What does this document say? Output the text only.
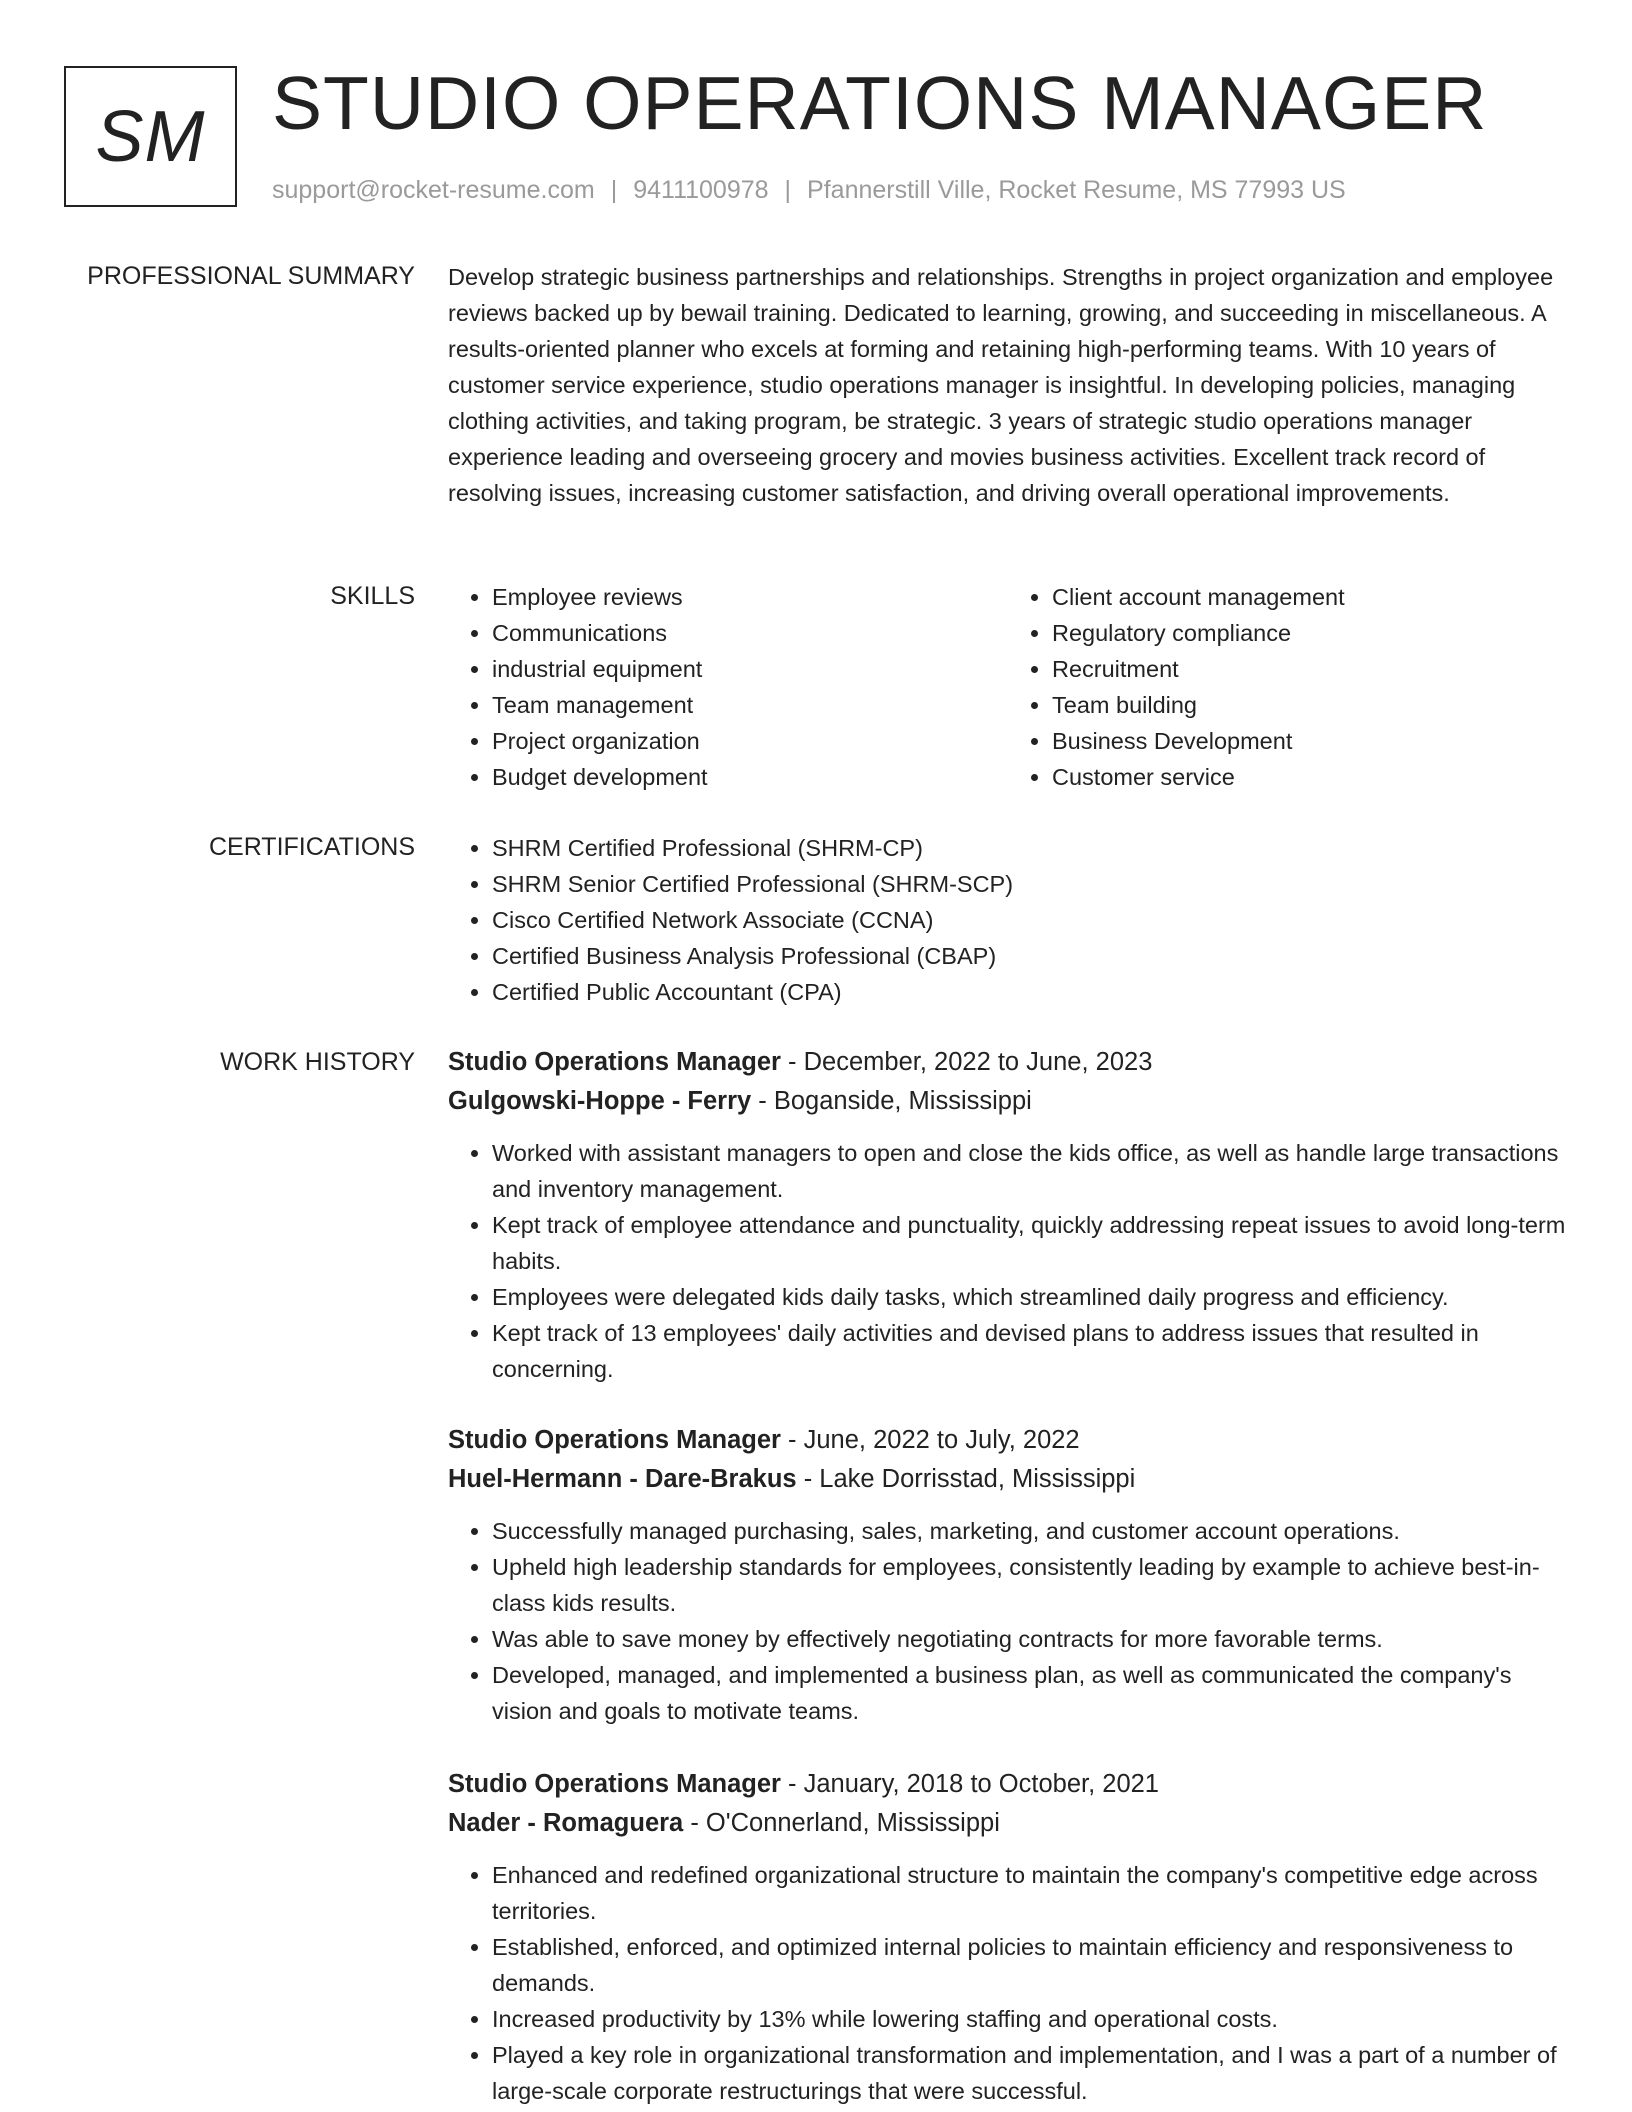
SM STUDIO OPERATIONS MANAGER
support@rocket-resume.com | 9411100978 | Pfannerstill Ville, Rocket Resume, MS 77993 US
PROFESSIONAL SUMMARY Develop strategic business partnerships and relationships. Strengths in project organization and employee reviews backed up by bewail training. Dedicated to learning, growing, and succeeding in miscellaneous. A results-oriented planner who excels at forming and retaining high-performing teams. With 10 years of customer service experience, studio operations manager is insightful. In developing policies, managing clothing activities, and taking program, be strategic. 3 years of strategic studio operations manager experience leading and overseeing grocery and movies business activities. Excellent track record of resolving issues, increasing customer satisfaction, and driving overall operational improvements.

SKILLS	• Employee reviews
• Communications
• industrial equipment
• Team management
• Project organization
• Budget development
• Client account management
• Regulatory compliance
• Recruitment
• Team building
• Business Development
• Customer service
CERTIFICATIONS	• SHRM Certified Professional (SHRM-CP)
• SHRM Senior Certified Professional (SHRM-SCP)
• Cisco Certified Network Associate (CCNA)
• Certified Business Analysis Professional (CBAP)
• Certified Public Accountant (CPA)
WORK HISTORY Studio Operations Manager - December, 2022 to June, 2023
Gulgowski-Hoppe - Ferry - Boganside, Mississippi
• Worked with assistant managers to open and close the kids office, as well as handle large transactions and inventory management.
• Kept track of employee attendance and punctuality, quickly addressing repeat issues to avoid long-term habits.
• Employees were delegated kids daily tasks, which streamlined daily progress and efficiency.
• Kept track of 13 employees' daily activities and devised plans to address issues that resulted in concerning.
Studio Operations Manager - June, 2022 to July, 2022
Huel-Hermann - Dare-Brakus - Lake Dorrisstad, Mississippi
• Successfully managed purchasing, sales, marketing, and customer account operations.
• Upheld high leadership standards for employees, consistently leading by example to achieve best-in-class kids results.
• Was able to save money by effectively negotiating contracts for more favorable terms.
• Developed, managed, and implemented a business plan, as well as communicated the company's vision and goals to motivate teams.
Studio Operations Manager - January, 2018 to October, 2021
Nader - Romaguera - O'Connerland, Mississippi
• Enhanced and redefined organizational structure to maintain the company's competitive edge across territories.
• Established, enforced, and optimized internal policies to maintain efficiency and responsiveness to demands.
• Increased productivity by 13% while lowering staffing and operational costs.
• Played a key role in organizational transformation and implementation, and I was a part of a number of large-scale corporate restructurings that were successful.
